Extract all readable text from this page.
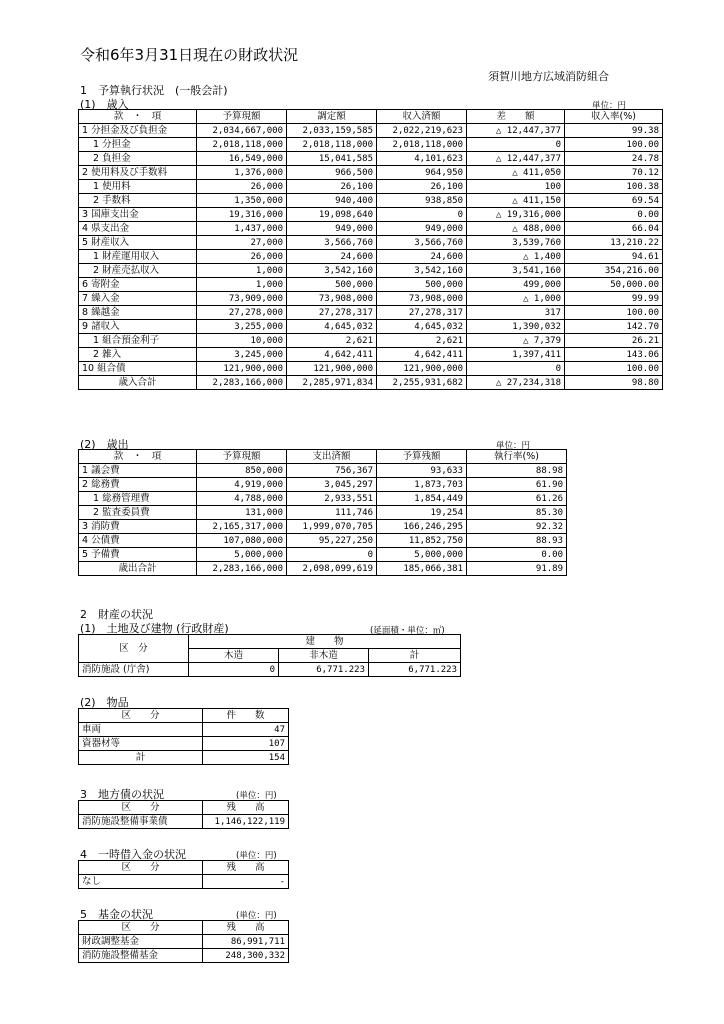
令和6年3月31日現在の財政状況
須賀川地方広域消防組合
1　予算執行状況　(一般会計)
(1)　歳入	単位：円
款　・　項	予算現額	調定額	収入済額	差　　額	収入率(%)
1 分担金及び負担金	2,034,667,000	2,033,159,585	2,022,219,623	△ 12,447,377	99.38
1 分担金	2,018,118,000	2,018,118,000	2,018,118,000	0	100.00
2 負担金	16,549,000	15,041,585	4,101,623	△ 12,447,377	24.78
2 使用料及び手数料	1,376,000	966,500	964,950	△ 411,050	70.12
1 使用料	26,000	26,100	26,100	100	100.38
2 手数料	1,350,000	940,400	938,850	△ 411,150	69.54
3 国庫支出金	19,316,000	19,098,640	0	△ 19,316,000	0.00
4 県支出金	1,437,000	949,000	949,000	△ 488,000	66.04
5 財産収入	27,000	3,566,760	3,566,760	3,539,760	13,210.22
1 財産運用収入	26,000	24,600	24,600	△ 1,400	94.61
2 財産売払収入	1,000	3,542,160	3,542,160	3,541,160	354,216.00
6 寄附金	1,000	500,000	500,000	499,000	50,000.00
7 繰入金	73,909,000	73,908,000	73,908,000	△ 1,000	99.99
8 繰越金	27,278,000	27,278,317	27,278,317	317	100.00
9 諸収入	3,255,000	4,645,032	4,645,032	1,390,032	142.70
1 組合預金利子	10,000	2,621	2,621	△ 7,379	26.21
2 雑入	3,245,000	4,642,411	4,642,411	1,397,411	143.06
10 組合債	121,900,000	121,900,000	121,900,000	0	100.00
歳入合計	2,283,166,000	2,285,971,834	2,255,931,682	△ 27,234,318	98.80
(2)　歳出	単位：円
款　・　項	予算現額	支出済額	予算残額	執行率(%)
1 議会費	850,000	756,367	93,633	88.98
2 総務費	4,919,000	3,045,297	1,873,703	61.90
1 総務管理費	4,788,000	2,933,551	1,854,449	61.26
2 監査委員費	131,000	111,746	19,254	85.30
3 消防費	2,165,317,000	1,999,070,705	166,246,295	92.32
4 公債費	107,080,000	95,227,250	11,852,750	88.93
5 予備費	5,000,000	0	5,000,000	0.00
歳出合計	2,283,166,000	2,098,099,619	185,066,381	91.89
2　財産の状況
(1)　土地及び建物 (行政財産)	(延面積・単位：㎡)
区　分	建　　物		
	木造	非木造	計
消防施設 (庁舎)	0	6,771.223	6,771.223
(2)　物品
区　　分	件　　数
車両	47
資器材等	107
計	154
3　地方債の状況	(単位：円)
区　　分	残　　高
消防施設整備事業債	1,146,122,119
4　一時借入金の状況	(単位：円)
区　　分	残　　高
なし	-
5　基金の状況	(単位：円)
区　　分	残　　高
財政調整基金	86,991,711
消防施設整備基金	248,300,332
